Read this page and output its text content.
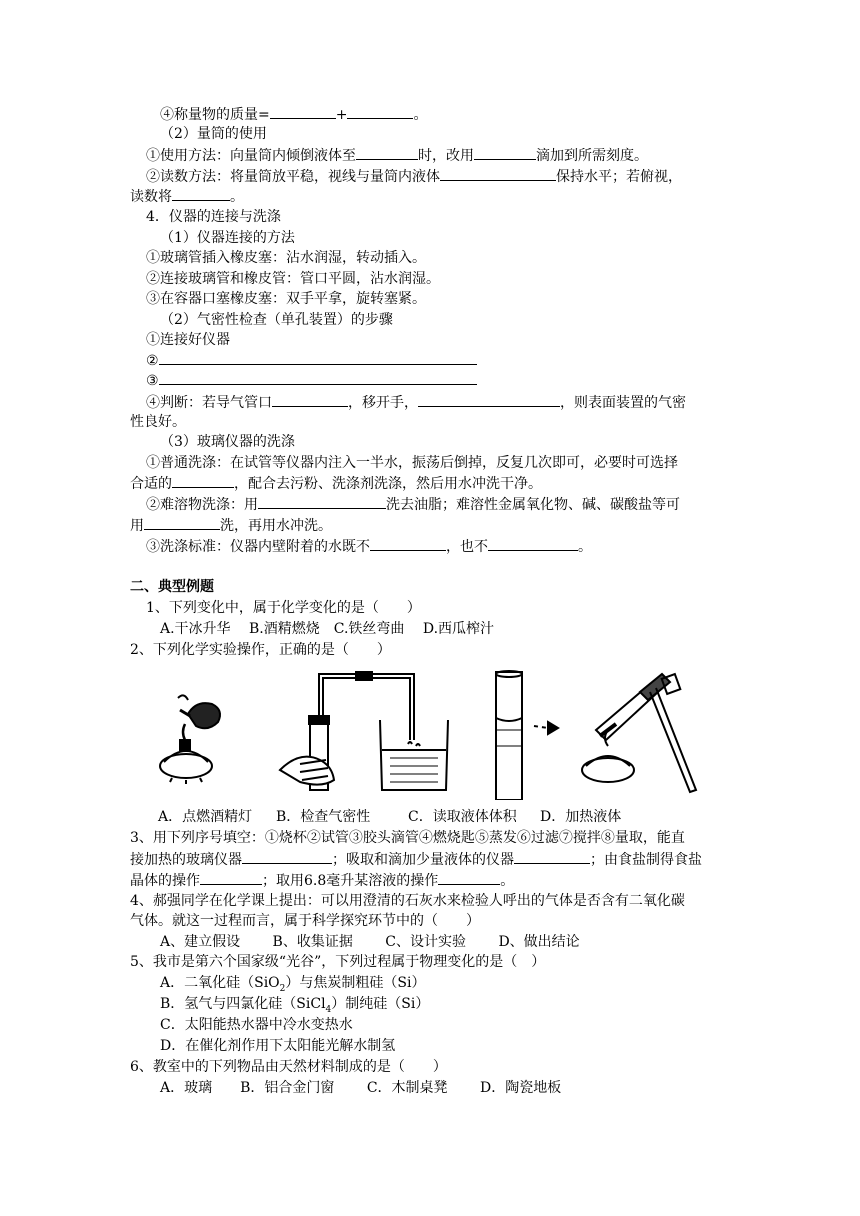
④称量物的质量=	+	。
（2）量筒的使用
①使用方法：向量筒内倾倒液体至	时，改用	滴加到所需刻度。
②读数方法：将量筒放平稳，视线与量筒内液体	保持水平；若俯视，
读数将	。
4．仪器的连接与洗涤
（1）仪器连接的方法
①玻璃管插入橡皮塞：沾水润湿，转动插入。
②连接玻璃管和橡皮管：管口平圆，沾水润湿。
③在容器口塞橡皮塞：双手平拿，旋转塞紧。
（2）气密性检查（单孔装置）的步骤
①连接好仪器
②
③
④判断：若导气管口	，移开手，	，则表面装置的气密
性良好。
（3）玻璃仪器的洗涤
①普通洗涤：在试管等仪器内注入一半水，振荡后倒掉，反复几次即可，必要时可选择
合适的	，配合去污粉、洗涤剂洗涤，然后用水冲洗干净。
②难溶物洗涤：用	洗去油脂；难溶性金属氧化物、碱、碳酸盐等可
用	洗，再用水冲洗。
③洗涤标准：仪器内壁附着的水既不	，也不	。
二、典型例题
1、下列变化中，属于化学变化的是（　　）
A.干冰升华　 B.酒精燃烧　C.铁丝弯曲　 D.西瓜榨汁
2、下列化学实验操作，正确的是（　　）
A．点燃酒精灯 B．检查气密性	C．读取液体体积 D．加热液体
3、用下列序号填空：①烧杯②试管③胶头滴管④燃烧匙⑤蒸发⑥过滤⑦搅拌⑧量取，能直
接加热的玻璃仪器	；吸取和滴加少量液体的仪器	；由食盐制得食盐
晶体的操作	；取用6.8毫升某溶液的操作	。
4、郝强同学在化学课上提出：可以用澄清的石灰水来检验人呼出的气体是否含有二氧化碳
气体。就这一过程而言，属于科学探究环节中的（　　）
A、建立假设　　 B、收集证据　　 C、设计实验　　 D、做出结论
5、我市是第六个国家级“光谷”，下列过程属于物理变化的是（　）
A．二氧化硅（SiO$_2$）与焦炭制粗硅（Si）
B．氢气与四氯化硅（SiCl$_4$）制纯硅（Si）
C．太阳能热水器中冷水变热水
D．在催化剂作用下太阳能光解水制氢
6、教室中的下列物品由天然材料制成的是（　　）
A．玻璃　　B．铝合金门窗　　 C．木制桌凳　　 D．陶瓷地板
